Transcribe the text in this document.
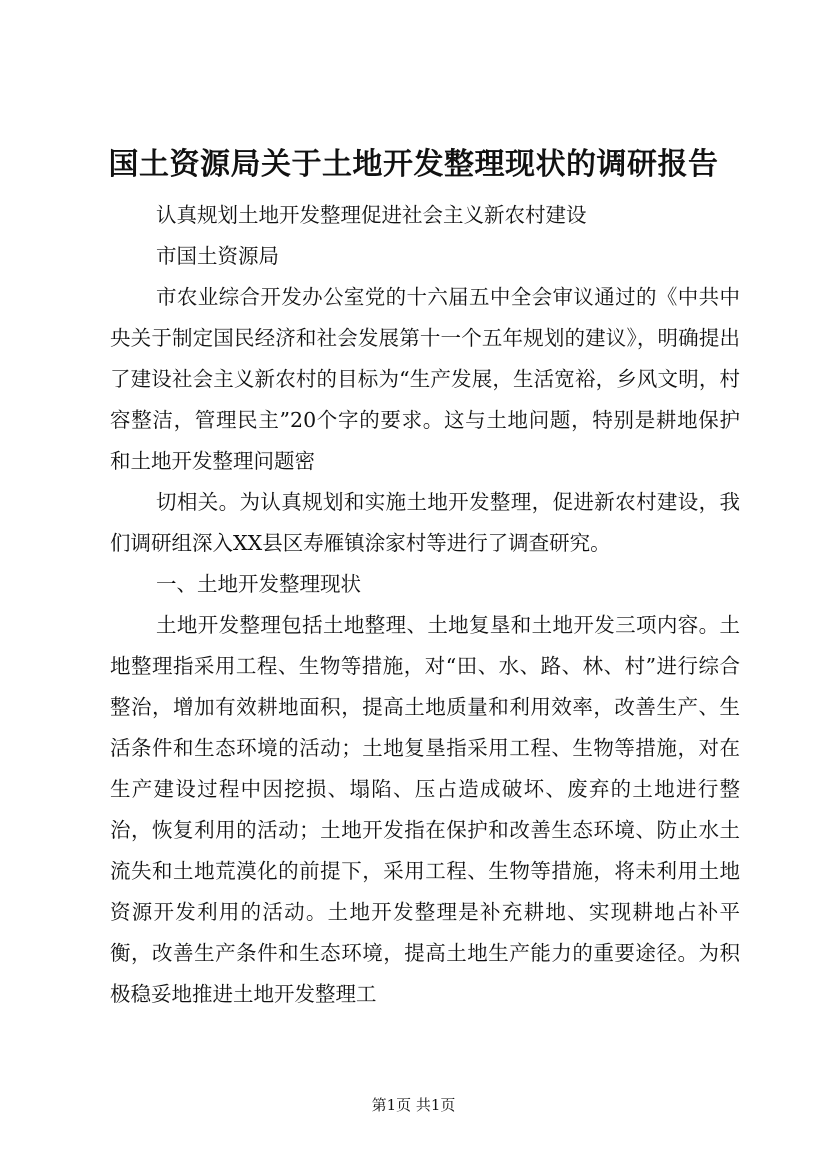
国土资源局关于土地开发整理现状的调研报告

认真规划土地开发整理促进社会主义新农村建设

市国土资源局

市农业综合开发办公室党的十六届五中全会审议通过的《中共中央关于制定国民经济和社会发展第十一个五年规划的建议》，明确提出了建设社会主义新农村的目标为“生产发展，生活宽裕，乡风文明，村容整洁，管理民主”20个字的要求。这与土地问题，特别是耕地保护和土地开发整理问题密

切相关。为认真规划和实施土地开发整理，促进新农村建设，我们调研组深入XX县区寿雁镇涂家村等进行了调查研究。

一、土地开发整理现状

土地开发整理包括土地整理、土地复垦和土地开发三项内容。土地整理指采用工程、生物等措施，对“田、水、路、林、村”进行综合整治，增加有效耕地面积，提高土地质量和利用效率，改善生产、生活条件和生态环境的活动；土地复垦指采用工程、生物等措施，对在生产建设过程中因挖损、塌陷、压占造成破坏、废弃的土地进行整治，恢复利用的活动；土地开发指在保护和改善生态环境、防止水土流失和土地荒漠化的前提下，采用工程、生物等措施，将未利用土地资源开发利用的活动。土地开发整理是补充耕地、实现耕地占补平衡，改善生产条件和生态环境，提高土地生产能力的重要途径。为积极稳妥地推进土地开发整理工

第1页 共1页
